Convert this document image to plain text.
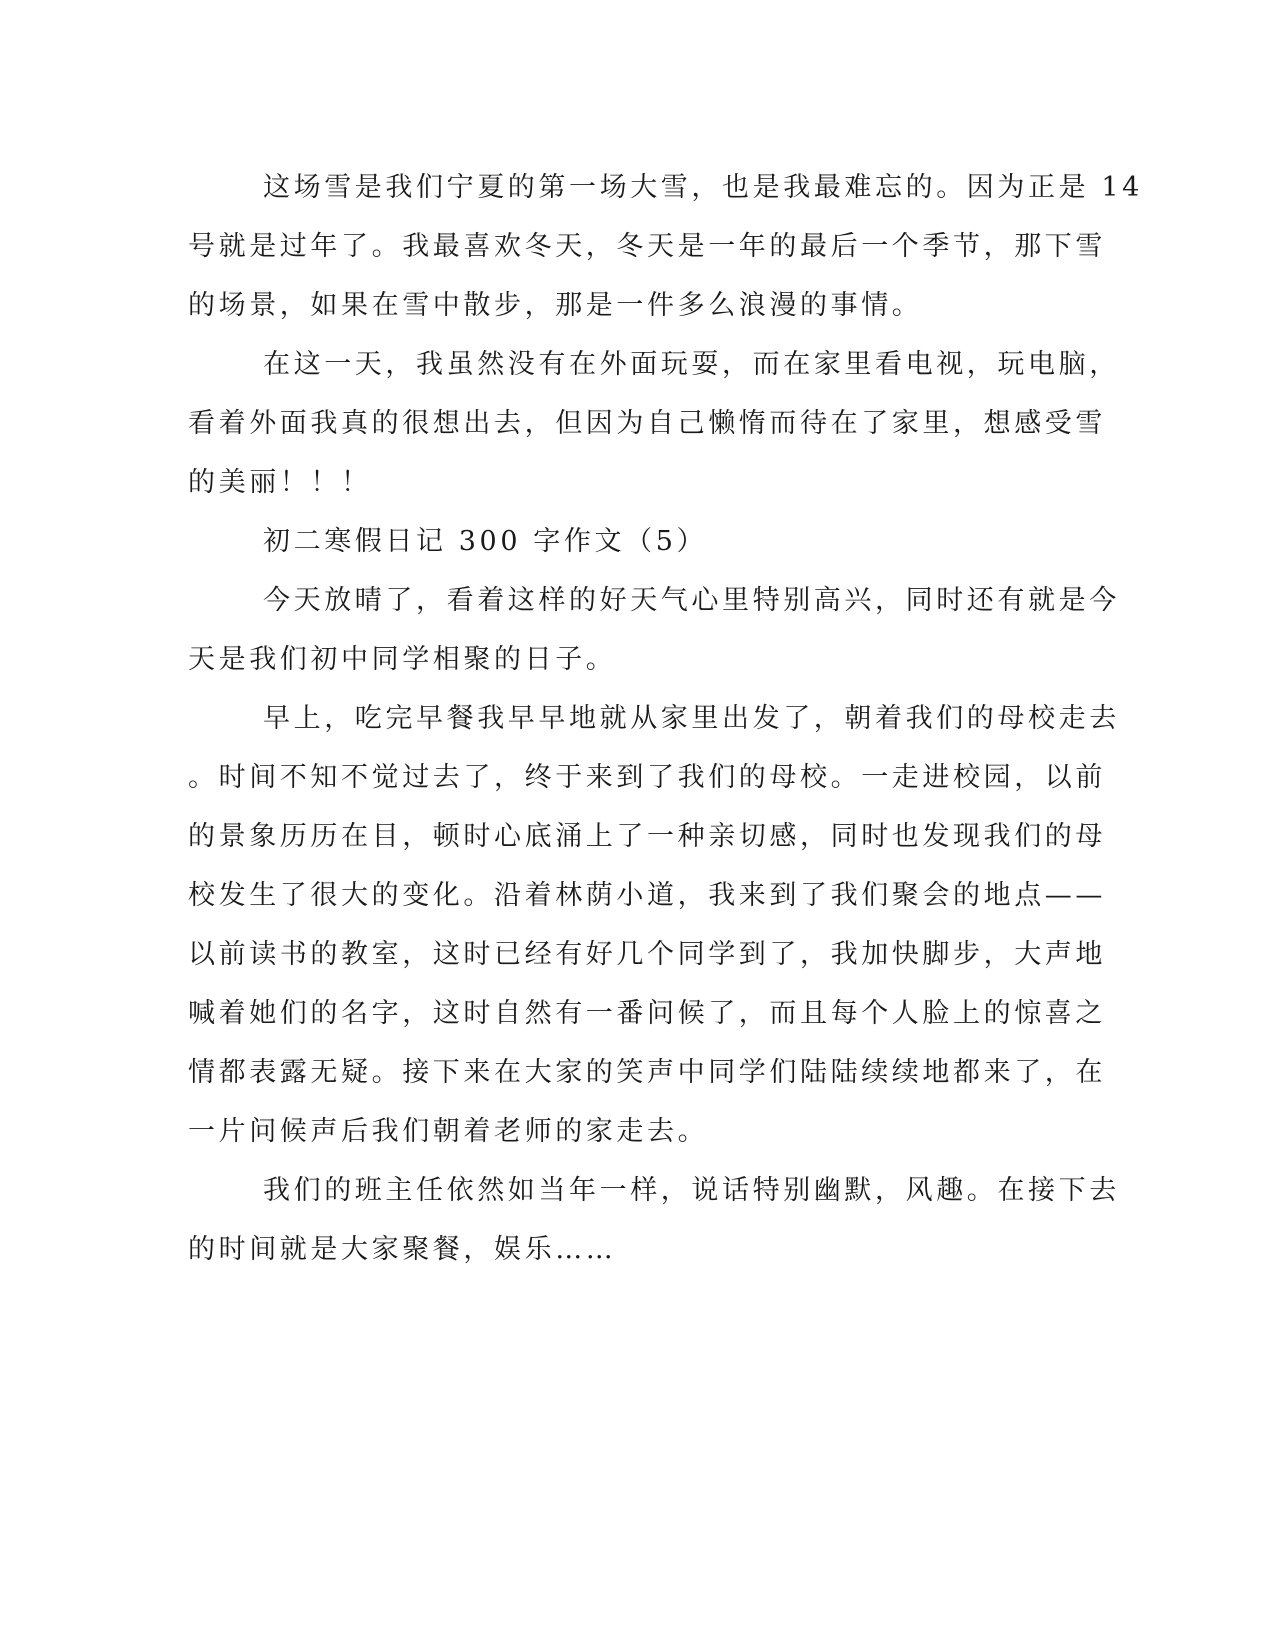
这场雪是我们宁夏的第一场大雪，也是我最难忘的。因为正是 14
号就是过年了。我最喜欢冬天，冬天是一年的最后一个季节，那下雪
的场景，如果在雪中散步，那是一件多么浪漫的事情。
在这一天，我虽然没有在外面玩耍，而在家里看电视，玩电脑，
看着外面我真的很想出去，但因为自己懒惰而待在了家里，想感受雪
的美丽！！！
初二寒假日记 300 字作文（5）
今天放晴了，看着这样的好天气心里特别高兴，同时还有就是今
天是我们初中同学相聚的日子。
早上，吃完早餐我早早地就从家里出发了，朝着我们的母校走去
。时间不知不觉过去了，终于来到了我们的母校。一走进校园，以前
的景象历历在目，顿时心底涌上了一种亲切感，同时也发现我们的母
校发生了很大的变化。沿着林荫小道，我来到了我们聚会的地点——
以前读书的教室，这时已经有好几个同学到了，我加快脚步，大声地
喊着她们的名字，这时自然有一番问候了，而且每个人脸上的惊喜之
情都表露无疑。接下来在大家的笑声中同学们陆陆续续地都来了，在
一片问候声后我们朝着老师的家走去。
我们的班主任依然如当年一样，说话特别幽默，风趣。在接下去
的时间就是大家聚餐，娱乐……
